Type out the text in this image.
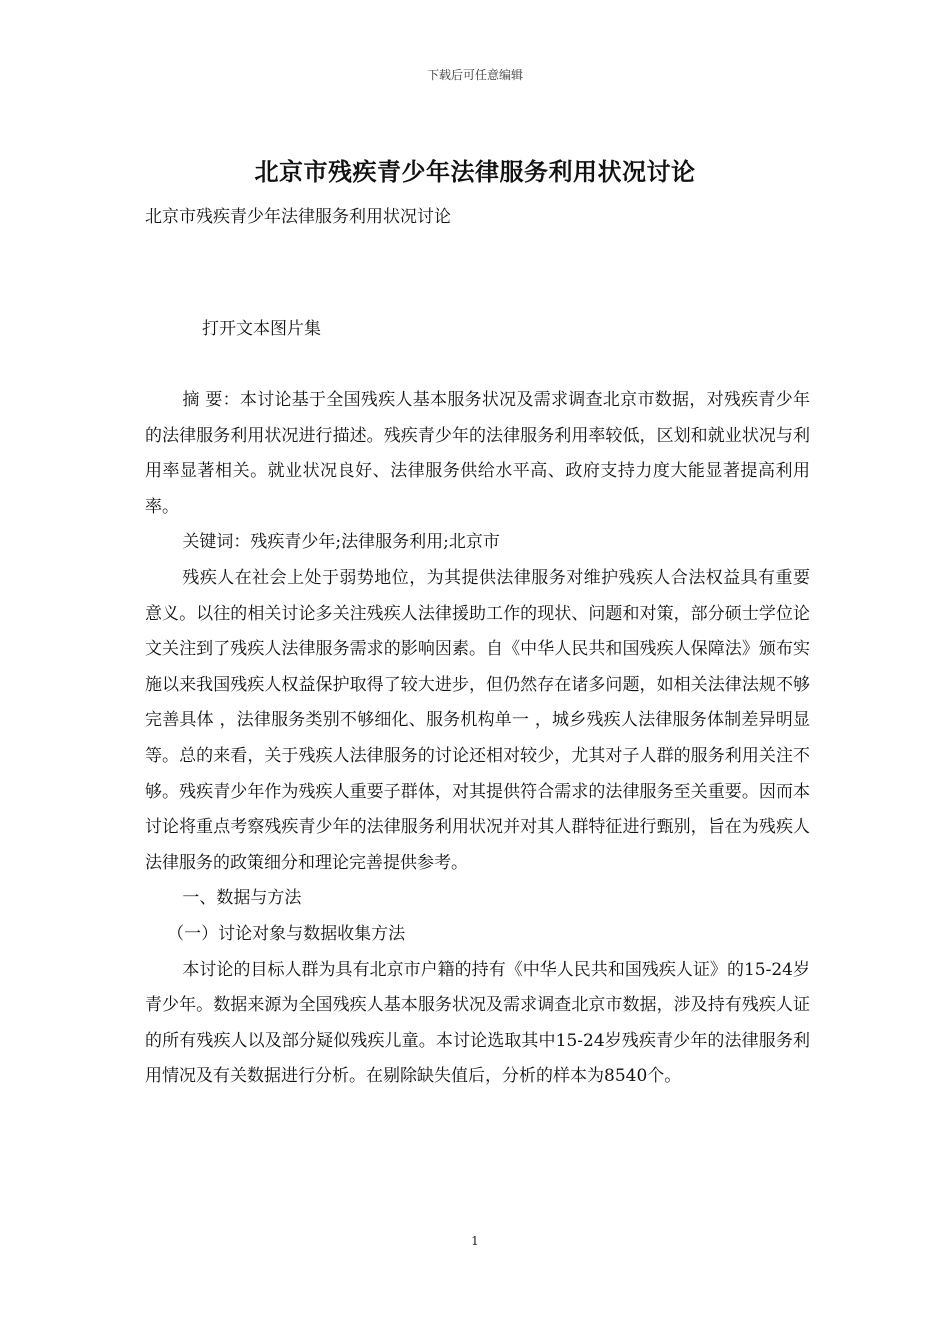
下载后可任意编辑
北京市残疾青少年法律服务利用状况讨论
北京市残疾青少年法律服务利用状况讨论
打开文本图片集

摘 要：本讨论基于全国残疾人基本服务状况及需求调查北京市数据，对残疾青少年的法律服务利用状况进行描述。残疾青少年的法律服务利用率较低，区划和就业状况与利用率显著相关。就业状况良好、法律服务供给水平高、政府支持力度大能显著提高利用率。

关键词：残疾青少年;法律服务利用;北京市

残疾人在社会上处于弱势地位，为其提供法律服务对维护残疾人合法权益具有重要意义。以往的相关讨论多关注残疾人法律援助工作的现状、问题和对策，部分硕士学位论文关注到了残疾人法律服务需求的影响因素。自《中华人民共和国残疾人保障法》颁布实施以来我国残疾人权益保护取得了较大进步，但仍然存在诸多问题，如相关法律法规不够完善具体 ，法律服务类别不够细化、服务机构单一 ，城乡残疾人法律服务体制差异明显 等。总的来看，关于残疾人法律服务的讨论还相对较少，尤其对子人群的服务利用关注不够。残疾青少年作为残疾人重要子群体，对其提供符合需求的法律服务至关重要。因而本讨论将重点考察残疾青少年的法律服务利用状况并对其人群特征进行甄别，旨在为残疾人法律服务的政策细分和理论完善提供参考。

一、数据与方法

（一）讨论对象与数据收集方法

本讨论的目标人群为具有北京市户籍的持有《中华人民共和国残疾人证》的15-24岁青少年。数据来源为全国残疾人基本服务状况及需求调查北京市数据，涉及持有残疾人证的所有残疾人以及部分疑似残疾儿童。本讨论选取其中15-24岁残疾青少年的法律服务利用情况及有关数据进行分析。在剔除缺失值后，分析的样本为8540个。

1
